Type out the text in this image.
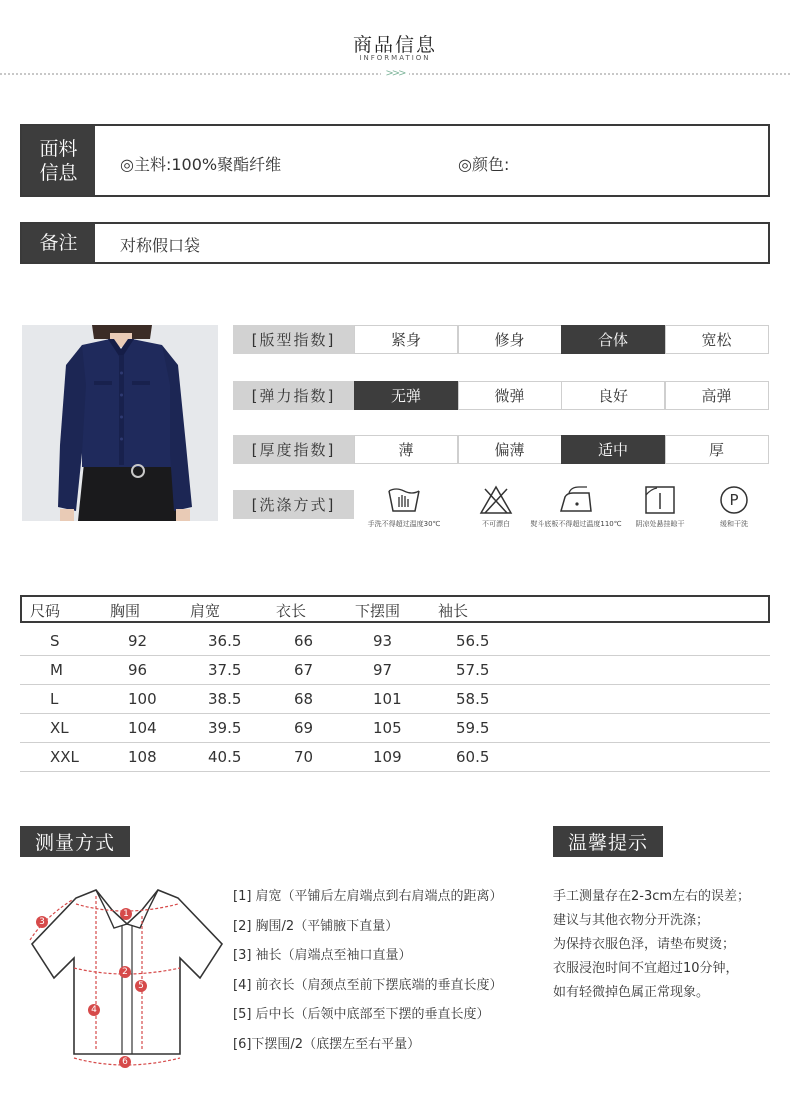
商品信息
INFORMATION
>>>
面料
信息	◎主料:100%聚酯纤维	◎颜色:
备注	对称假口袋
[版型指数]	紧身	修身	合体	宽松
[弹力指数]	无弹	微弹	良好	高弹
[厚度指数]	薄	偏薄	适中	厚
[洗涤方式]
手洗不得超过温度30℃	不可漂白	熨斗底板不得超过温度110℃	阴凉处悬挂晾干
P
缓和干洗
尺码	胸围	肩宽	衣长	下摆围	袖长
S	92	36.5	66	93	56.5
M	96	37.5	67	97	57.5
L	100	38.5	68	101	58.5
XL	104	39.5	69	105	59.5
XXL	108	40.5	70	109	60.5
测量方式
1
2
3
4
5
6
[1] 肩宽（平铺后左肩端点到右肩端点的距离）
[2] 胸围/2（平铺腋下直量）
[3] 袖长（肩端点至袖口直量）
[4] 前衣长（肩颈点至前下摆底端的垂直长度）
[5] 后中长（后领中底部至下摆的垂直长度）
[6]下摆围/2（底摆左至右平量）
温馨提示
手工测量存在2-3cm左右的误差；
建议与其他衣物分开洗涤；
为保持衣服色泽，请垫布熨烫；
衣服浸泡时间不宜超过10分钟，
如有轻微掉色属正常现象。
